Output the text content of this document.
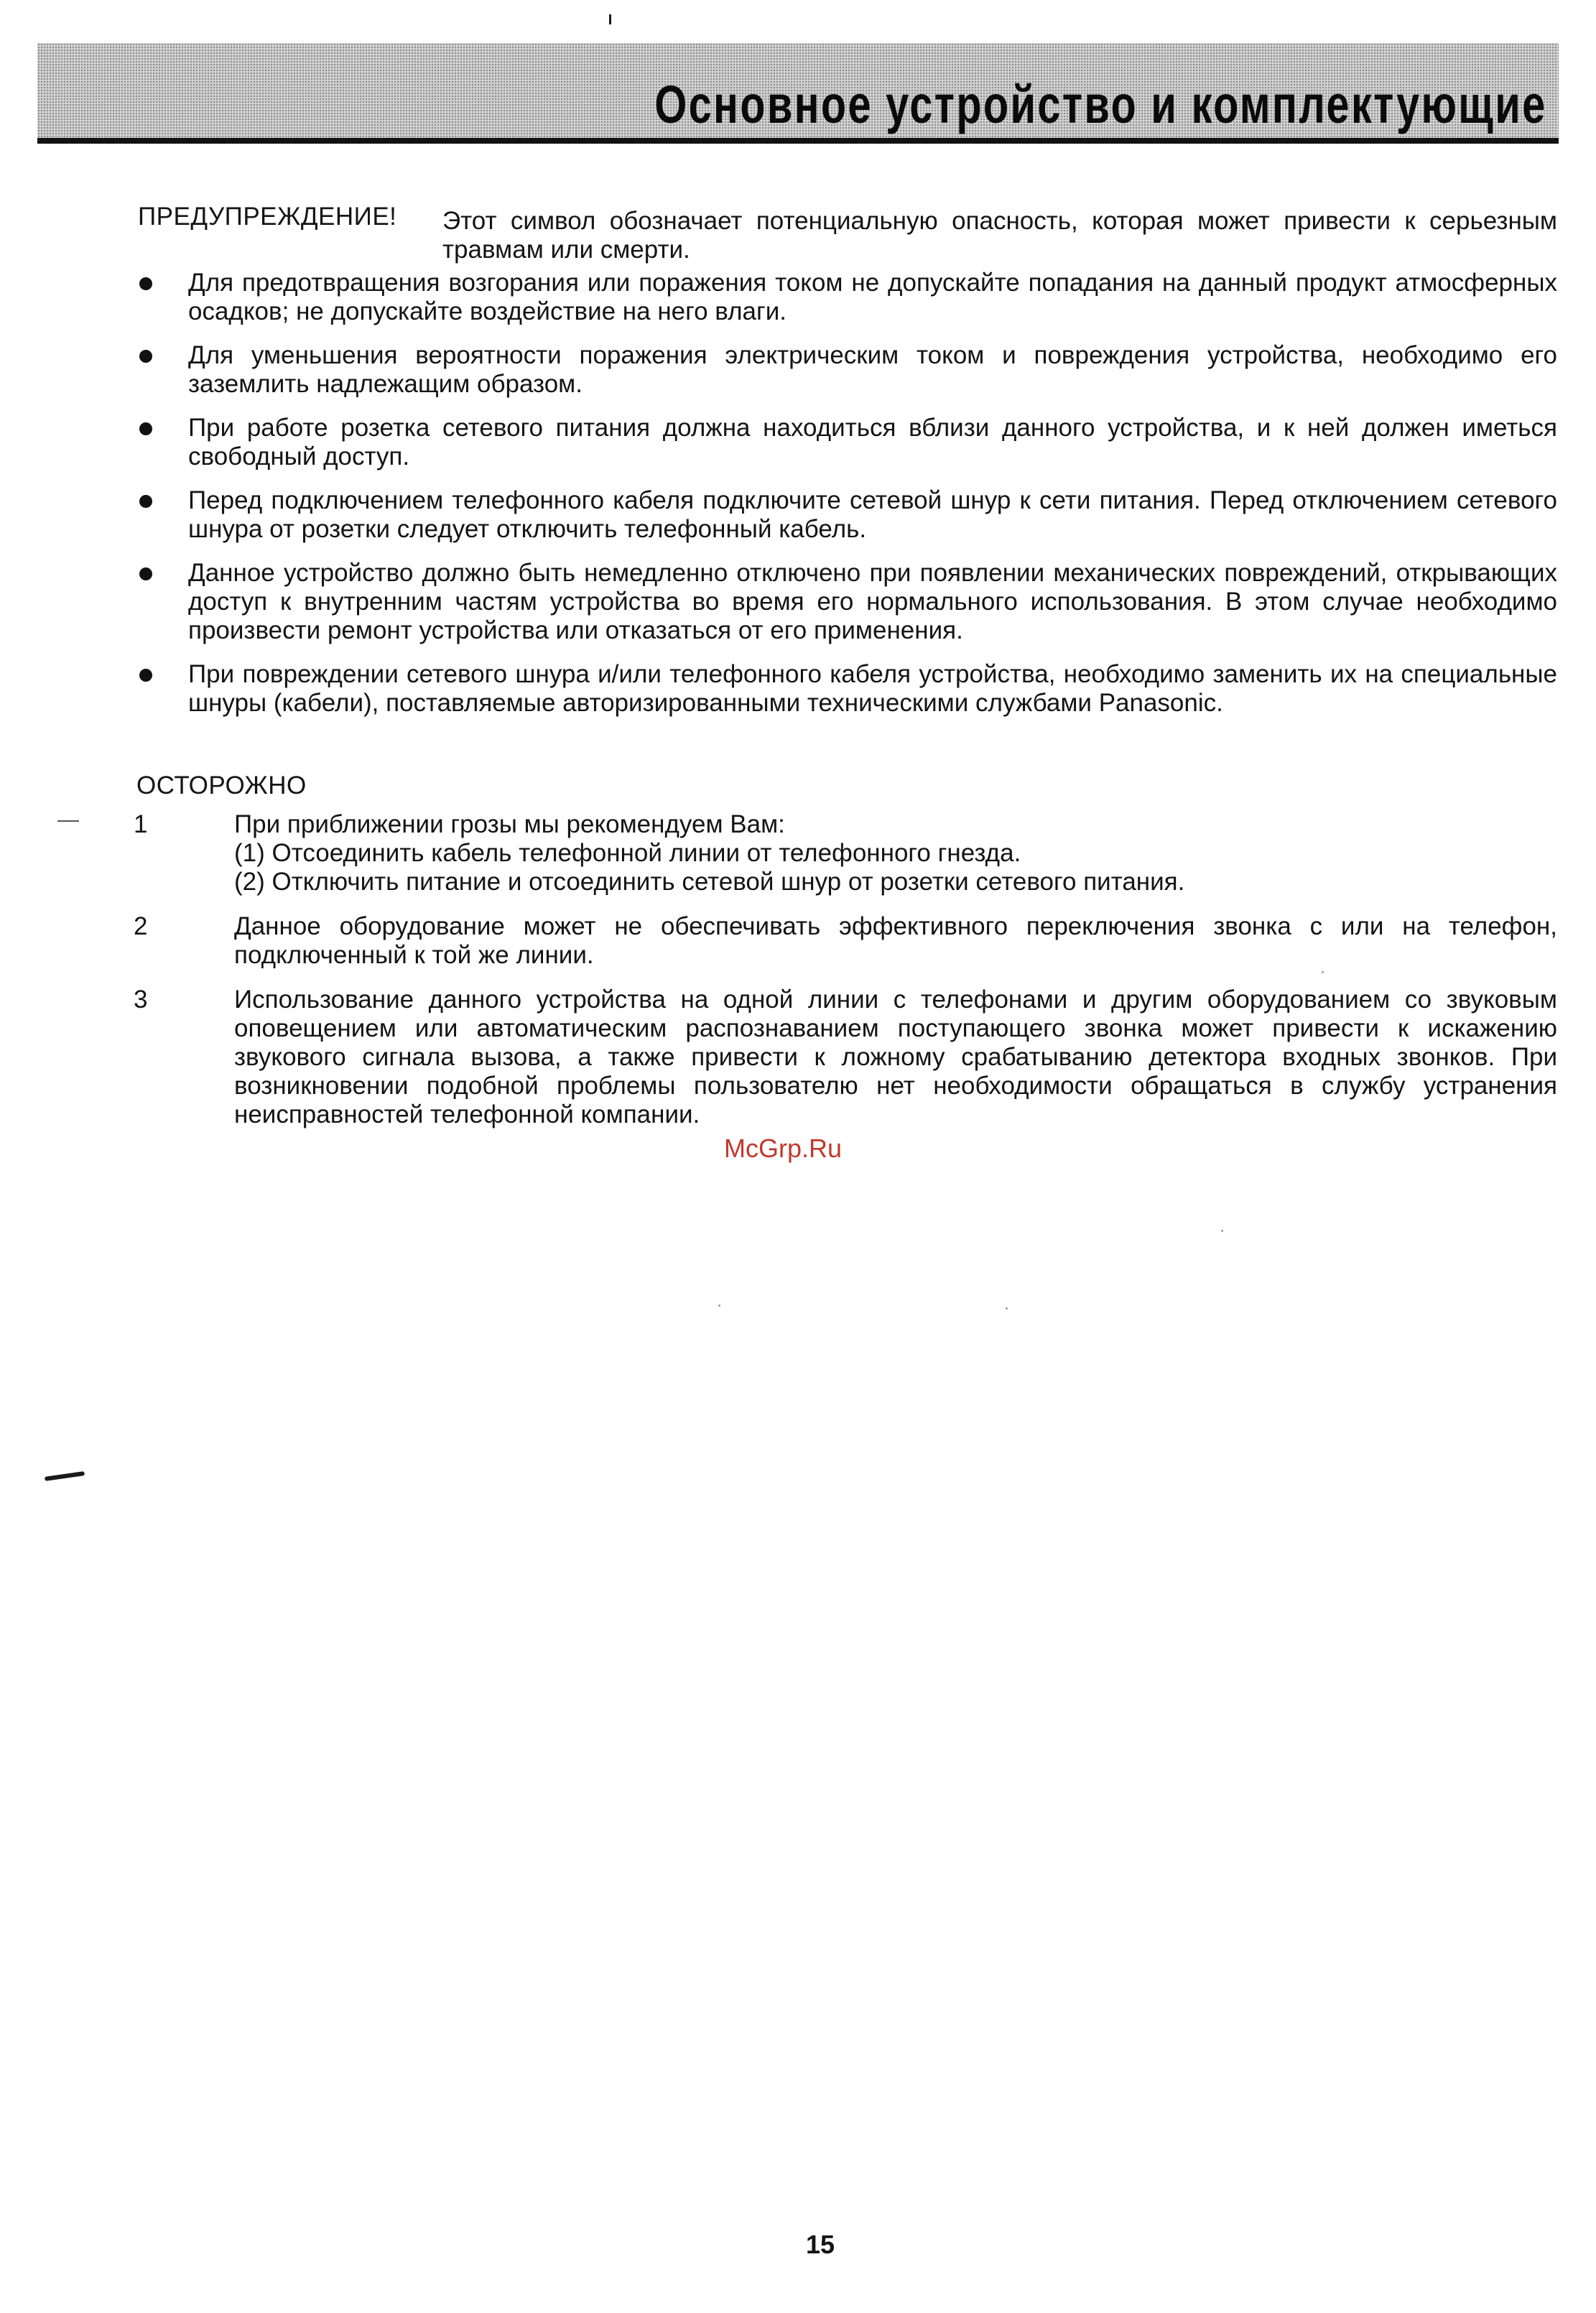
Основное устройство и комплектующие
ПРЕДУПРЕЖДЕНИЕ! Этот символ обозначает потенциальную опасность, которая может привести к серьезным травмам или смерти.
Для предотвращения возгорания или поражения током не допускайте попадания на данный продукт атмосферных осадков; не допускайте воздействие на него влаги.
Для уменьшения вероятности поражения электрическим током и повреждения устройства, необходимо его заземлить надлежащим образом.
При работе розетка сетевого питания должна находиться вблизи данного устройства, и к ней должен иметься свободный доступ.
Перед подключением телефонного кабеля подключите сетевой шнур к сети питания. Перед отключением сетевого шнура от розетки следует отключить телефонный кабель.
Данное устройство должно быть немедленно отключено при появлении механических повреждений, открывающих доступ к внутренним частям устройства во время его нормального использования. В этом случае необходимо произвести ремонт устройства или отказаться от его применения.
При повреждении сетевого шнура и/или телефонного кабеля устройства, необходимо заменить их на специальные шнуры (кабели), поставляемые авторизированными техническими службами Panasonic.
ОСТОРОЖНО
1	При приближении грозы мы рекомендуем Вам:
(1) Отсоединить кабель телефонной линии от телефонного гнезда.
(2) Отключить питание и отсоединить сетевой шнур от розетки сетевого питания.
2	Данное оборудование может не обеспечивать эффективного переключения звонка с или на телефон, подключенный к той же линии.
3	Использование данного устройства на одной линии с телефонами и другим оборудованием со звуковым оповещением или автоматическим распознаванием поступающего звонка может привести к искажению звукового сигнала вызова, а также привести к ложному срабатыванию детектора входных звонков. При возникновении подобной проблемы пользователю нет необходимости обращаться в службу устранения неисправностей телефонной компании.
McGrp.Ru
15
